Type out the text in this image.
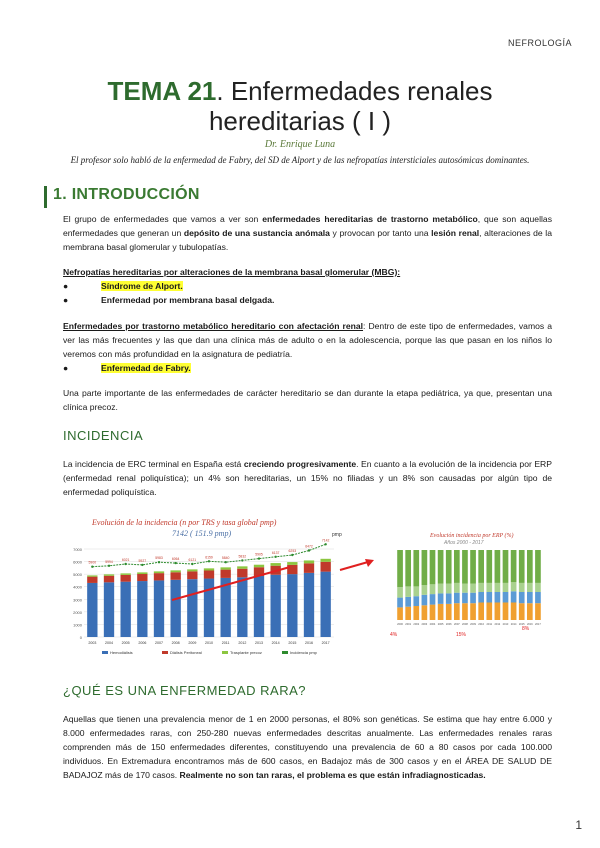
NEFROLOGÍA
TEMA 21. Enfermedades renales
hereditarias ( I )
Dr. Enrique Luna
El profesor solo habló de la enfermedad de Fabry, del SD de Alport y de las nefropatías intersticiales autosómicas dominantes.
1. INTRODUCCIÓN
El grupo de enfermedades que vamos a ver son enfermedades hereditarias de trastorno metabólico, que son aquellas enfermedades que generan un depósito de una sustancia anómala y provocan por tanto una lesión renal, alteraciones de la membrana basal glomerular y tubulopatías.
Nefropatías hereditarias por alteraciones de la membrana basal glomerular (MBG):
●	Síndrome de Alport.
●	Enfermedad por membrana basal delgada.
Enfermedades por trastorno metabólico hereditario con afectación renal: Dentro de este tipo de enfermedades, vamos a ver las más frecuentes y las que dan una clínica más de adulto o en la adolescencia, porque las que pasan en los niños lo veremos con más profundidad en la asignatura de pediatría.
●	Enfermedad de Fabry.
Una parte importante de las enfermedades de carácter hereditario se dan durante la etapa pediátrica, ya que, presentan una clínica precoz.
INCIDENCIA
La incidencia de ERC terminal en España está creciendo progresivamente. En cuanto a la evolución de la incidencia por ERP (enfermedad renal poliquística); un 4% son hereditarias, un 15% no filiadas y un 8% son causadas por algún tipo de enfermedad poliquística.
Evolución de la incidencia (n por TRS y tasa global pmp)
7142 ( 151.9 pmp)	pmp
0
1000
2000
3000
4000
5000
6000
7000
2003 2004 2005 2006 2007 2008 2009 2010 2011 2012 2013 2014 2015 2016 2017
5900	5994	6021	5927
5983	6064	6121
6159	5840	5832	5905	6137	6253
6472
7142
Hemodiálisis	Diálisis Peritoneal	Trasplante precoz	Incidencia pmp
Evolución incidencia por ERP (%)
Años 2000 - 2017
2000 2001 2002 2003 2004 2005 2006 2007 2008 2009 2010 2011 2012 2013 2014 2015 2016 2017
4%	15%
8%
¿QUÉ ES UNA ENFERMEDAD RARA?
Aquellas que tienen una prevalencia menor de 1 en 2000 personas, el 80% son genéticas. Se estima que hay entre 6.000 y 8.000 enfermedades raras, con 250-280 nuevas enfermedades descritas anualmente. Las enfermedades renales raras comprenden más de 150 enfermedades diferentes, constituyendo una prevalencia de 60 a 80 casos por cada 100.000 individuos. En Extremadura encontramos más de 600 casos, en Badajoz más de 300 casos y en el ÁREA DE SALUD DE BADAJOZ más de 170 casos. Realmente no son tan raras, el problema es que están infradiagnosticadas.
1
